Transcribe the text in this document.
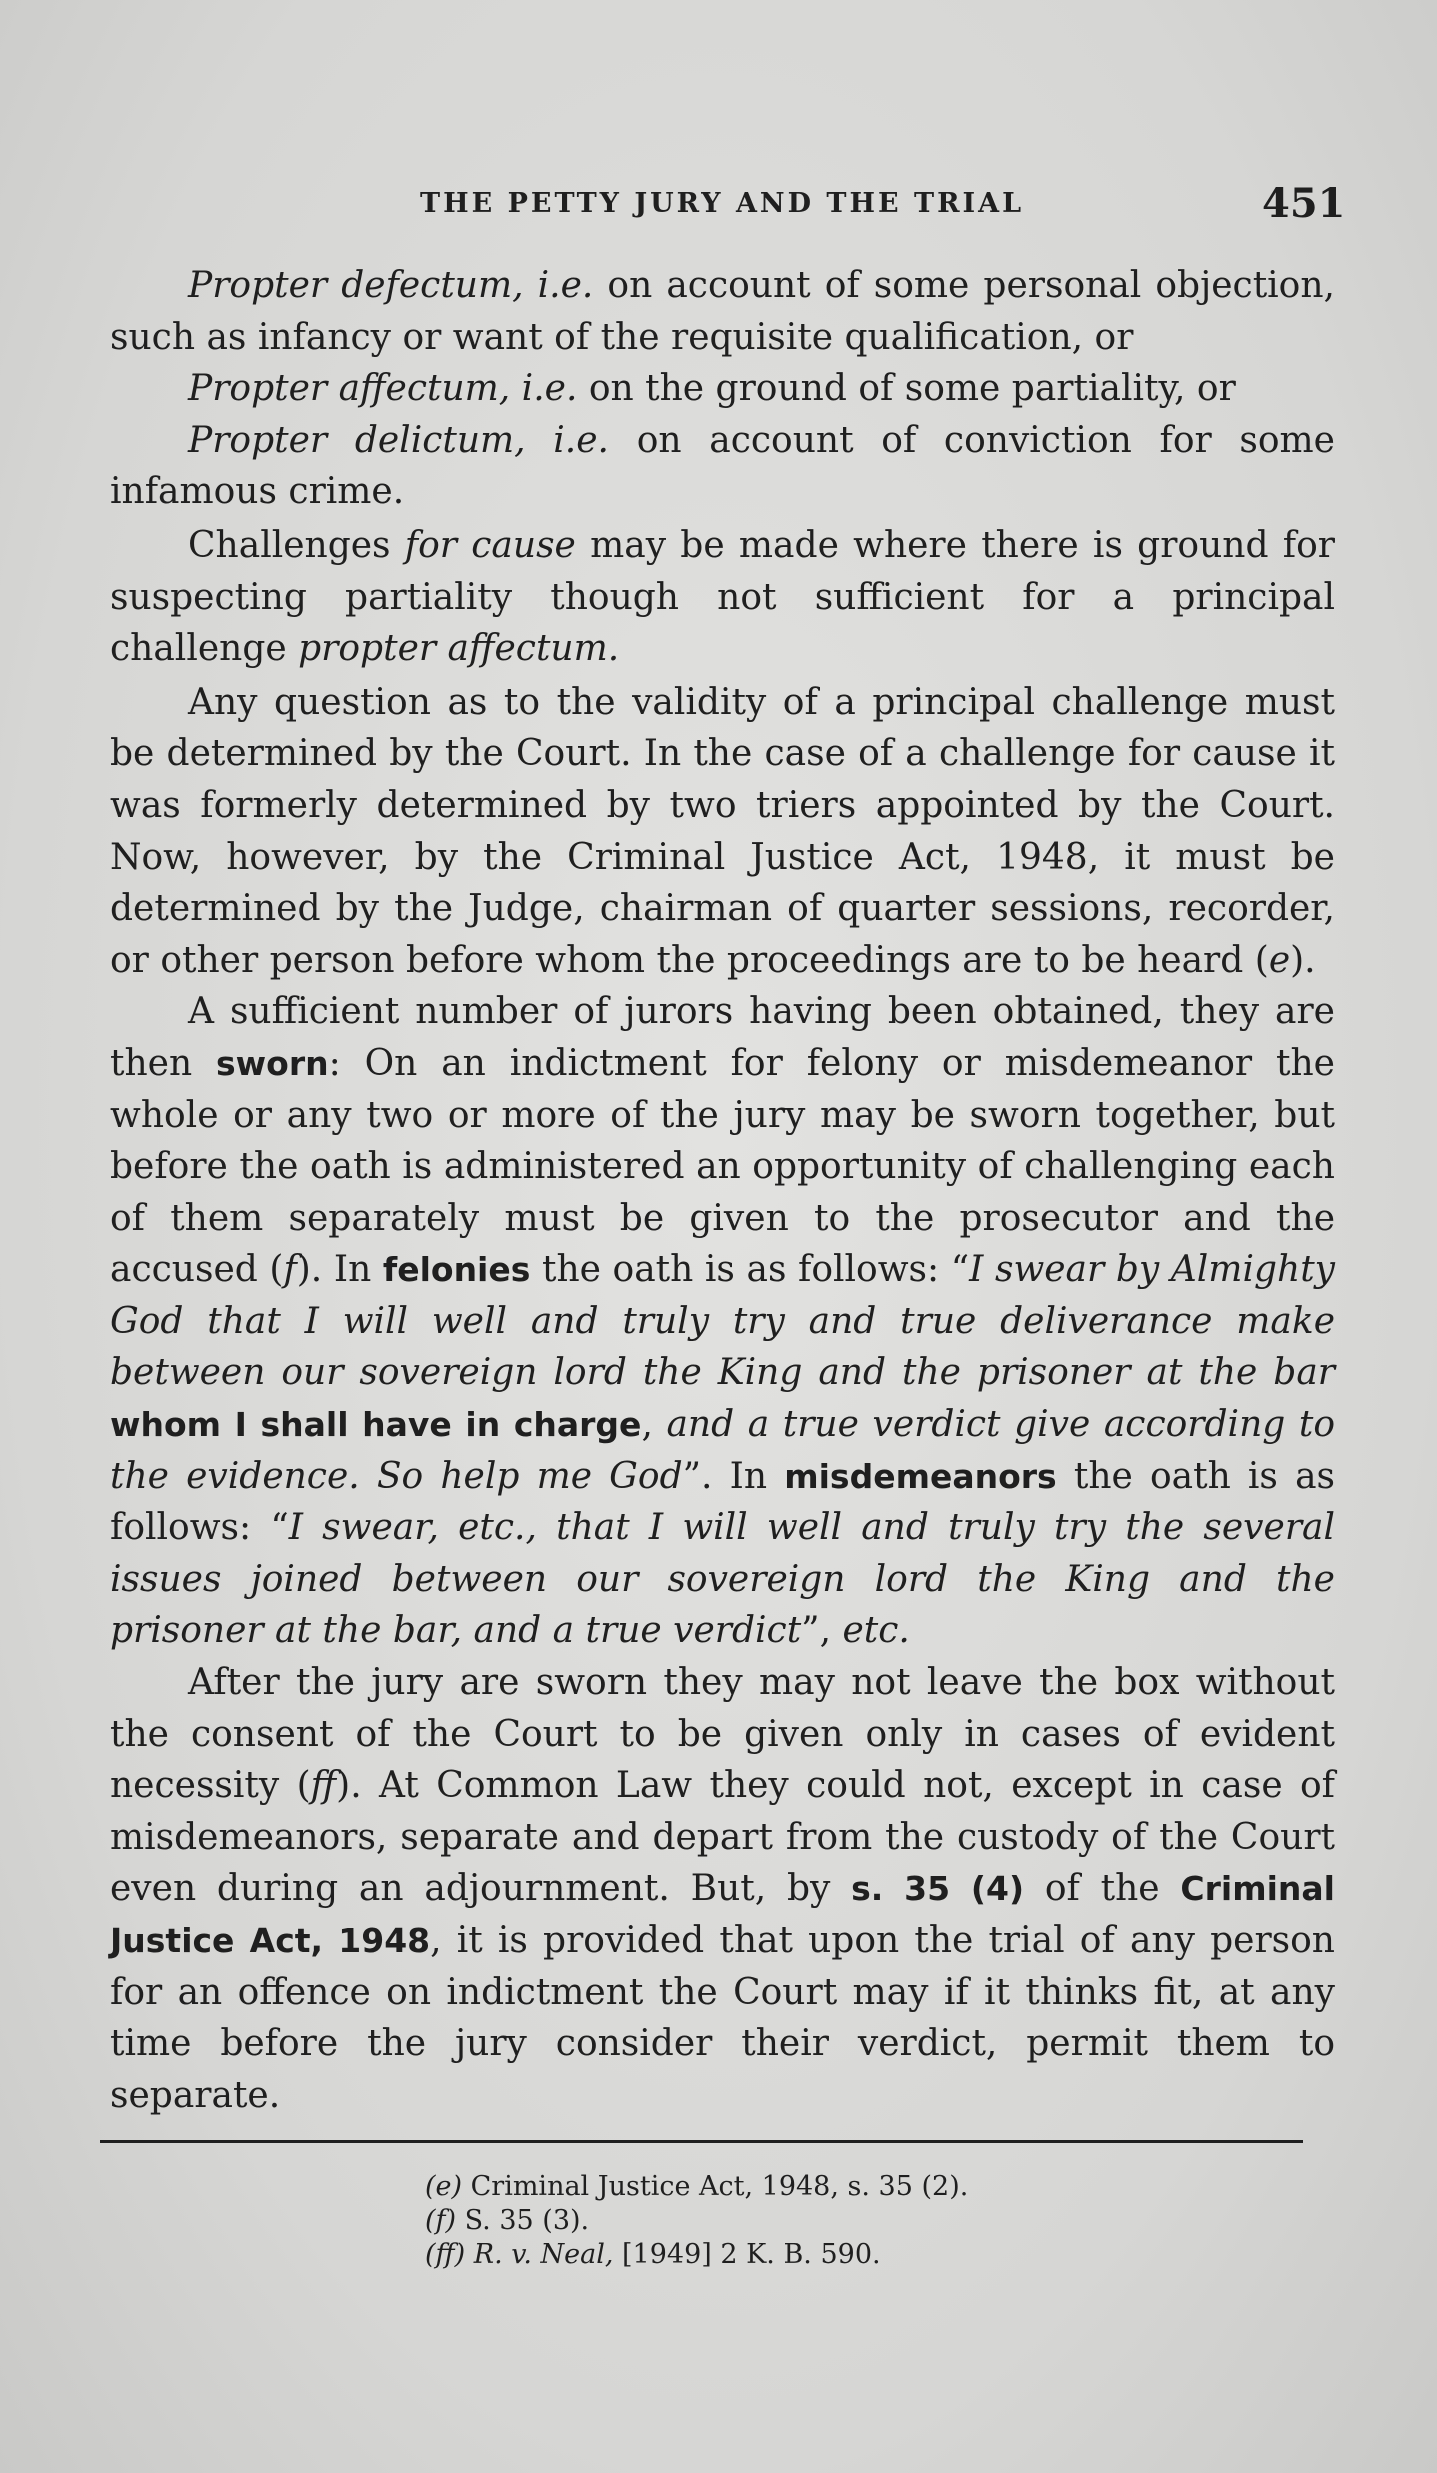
THE PETTY JURY AND THE TRIAL	451

Propter defectum, i.e. on account of some personal objection, such as infancy or want of the requisite qualification, or

Propter affectum, i.e. on the ground of some partiality, or

Propter delictum, i.e. on account of conviction for some infamous crime.

Challenges for cause may be made where there is ground for suspecting partiality though not sufficient for a principal challenge propter affectum.

Any question as to the validity of a principal challenge must be determined by the Court. In the case of a challenge for cause it was formerly determined by two triers appointed by the Court. Now, however, by the Criminal Justice Act, 1948, it must be determined by the Judge, chairman of quarter sessions, recorder, or other person before whom the proceedings are to be heard (e).

A sufficient number of jurors having been obtained, they are then sworn: On an indictment for felony or misdemeanor the whole or any two or more of the jury may be sworn together, but before the oath is administered an opportunity of challenging each of them separately must be given to the prosecutor and the accused (f). In felonies the oath is as follows: “I swear by Almighty God that I will well and truly try and true deliverance make between our sovereign lord the King and the prisoner at the bar whom I shall have in charge, and a true verdict give according to the evidence. So help me God”. In misdemeanors the oath is as follows: “I swear, etc., that I will well and truly try the several issues joined between our sovereign lord the King and the prisoner at the bar, and a true verdict”, etc.

After the jury are sworn they may not leave the box without the consent of the Court to be given only in cases of evident necessity (ff). At Common Law they could not, except in case of misdemeanors, separate and depart from the custody of the Court even during an adjournment. But, by s. 35 (4) of the Criminal Justice Act, 1948, it is provided that upon the trial of any person for an offence on indictment the Court may if it thinks fit, at any time before the jury consider their verdict, permit them to separate.

(e) Criminal Justice Act, 1948, s. 35 (2).

(f) S. 35 (3).

(ff) R. v. Neal, [1949] 2 K. B. 590.
